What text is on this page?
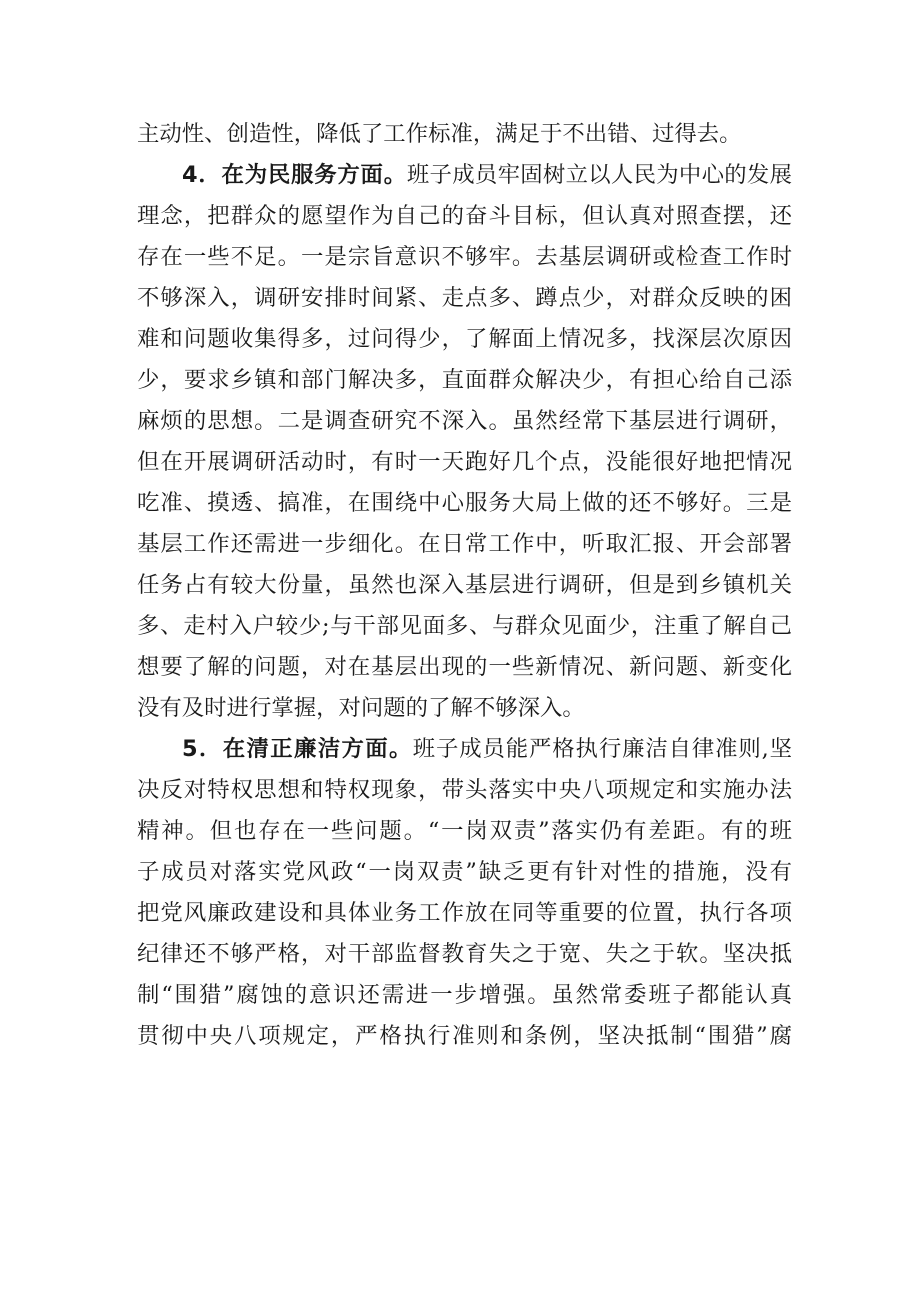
主动性、创造性，降低了工作标准，满足于不出错、过得去。
4．在为民服务方面。班子成员牢固树立以人民为中心的发展
理念，把群众的愿望作为自己的奋斗目标，但认真对照查摆，还
存在一些不足。一是宗旨意识不够牢。去基层调研或检查工作时
不够深入，调研安排时间紧、走点多、蹲点少，对群众反映的困
难和问题收集得多，过问得少，了解面上情况多，找深层次原因
少，要求乡镇和部门解决多，直面群众解决少，有担心给自己添
麻烦的思想。二是调查研究不深入。虽然经常下基层进行调研，
但在开展调研活动时，有时一天跑好几个点，没能很好地把情况
吃准、摸透、搞准，在围绕中心服务大局上做的还不够好。三是
基层工作还需进一步细化。在日常工作中，听取汇报、开会部署
任务占有较大份量，虽然也深入基层进行调研，但是到乡镇机关
多、走村入户较少;与干部见面多、与群众见面少，注重了解自己
想要了解的问题，对在基层出现的一些新情况、新问题、新变化
没有及时进行掌握，对问题的了解不够深入。
5．在清正廉洁方面。班子成员能严格执行廉洁自律准则,坚
决反对特权思想和特权现象，带头落实中央八项规定和实施办法
精神。但也存在一些问题。“一岗双责”落实仍有差距。有的班
子成员对落实党风政“一岗双责”缺乏更有针对性的措施，没有
把党风廉政建设和具体业务工作放在同等重要的位置，执行各项
纪律还不够严格，对干部监督教育失之于宽、失之于软。坚决抵
制“围猎”腐蚀的意识还需进一步增强。虽然常委班子都能认真
贯彻中央八项规定，严格执行准则和条例，坚决抵制“围猎”腐
